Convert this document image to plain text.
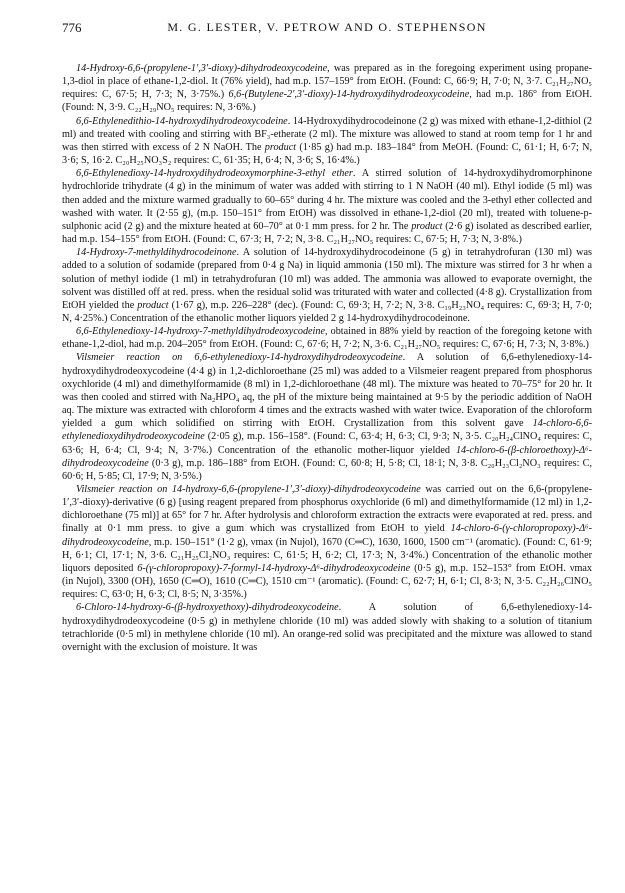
776	M. G. LESTER, V. PETROW AND O. STEPHENSON

14-Hydroxy-6,6-(propylene-1′,3′-dioxy)-dihydrodeoxycodeine, was prepared as in the foregoing experiment using propane-1,3-diol in place of ethane-1,2-diol. It (76% yield), had m.p. 157–159° from EtOH. (Found: C, 66·9; H, 7·0; N, 3·7. C₂₁H₂₇NO₅ requires: C, 67·5; H, 7·3; N, 3·75%.) 6,6-(Butylene-2′,3′-dioxy)-14-hydroxydihydrodeoxycodeine, had m.p. 186° from EtOH. (Found: N, 3·9. C₂₂H₂₉NO₅ requires: N, 3·6%.)

6,6-Ethylenedithio-14-hydroxydihydrodeoxycodeine. 14-Hydroxydihydrocodeinone (2 g) was mixed with ethane-1,2-dithiol (2 ml) and treated with cooling and stirring with BF₃-etherate (2 ml). The mixture was allowed to stand at room temp for 1 hr and was then stirred with excess of 2 N NaOH. The product (1·85 g) had m.p. 183–184° from MeOH. (Found: C, 61·1; H, 6·7; N, 3·6; S, 16·2. C₂₀H₂₅NO₃S₂ requires: C, 61·35; H, 6·4; N, 3·6; S, 16·4%.)

6,6-Ethylenedioxy-14-hydroxydihydrodeoxymorphine-3-ethyl ether. A stirred solution of 14-hydroxydihydromorphinone hydrochloride trihydrate (4 g) in the minimum of water was added with stirring to 1 N NaOH (40 ml). Ethyl iodide (5 ml) was then added and the mixture warmed gradually to 60–65° during 4 hr. The mixture was cooled and the 3-ethyl ether collected and washed with water. It (2·55 g), (m.p. 150–151° from EtOH) was dissolved in ethane-1,2-diol (20 ml), treated with toluene-p-sulphonic acid (2 g) and the mixture heated at 60–70° at 0·1 mm press. for 2 hr. The product (2·6 g) isolated as described earlier, had m.p. 154–155° from EtOH. (Found: C, 67·3; H, 7·2; N, 3·8. C₂₁H₂₇NO₅ requires: C, 67·5; H, 7·3; N, 3·8%.)

14-Hydroxy-7-methyldihydrocodeinone. A solution of 14-hydroxydihydrocodeinone (5 g) in tetrahydrofuran (130 ml) was added to a solution of sodamide (prepared from 0·4 g Na) in liquid ammonia (150 ml). The mixture was stirred for 3 hr when a solution of methyl iodide (1 ml) in tetrahydrofuran (10 ml) was added. The ammonia was allowed to evaporate overnight, the solvent was distilled off at red. press. when the residual solid was triturated with water and collected (4·8 g). Crystallization from EtOH yielded the product (1·67 g), m.p. 226–228° (dec). (Found: C, 69·3; H, 7·2; N, 3·8. C₁₉H₂₃NO₄ requires: C, 69·3; H, 7·0; N, 4·25%.) Concentration of the ethanolic mother liquors yielded 2 g 14-hydroxydihydrocodeinone.

6,6-Ethylenedioxy-14-hydroxy-7-methyldihydrodeoxycodeine, obtained in 88% yield by reaction of the foregoing ketone with ethane-1,2-diol, had m.p. 204–205° from EtOH. (Found: C, 67·6; H, 7·2; N, 3·6. C₂₁H₂₇NO₅ requires: C, 67·6; H, 7·3; N, 3·8%.)

Vilsmeier reaction on 6,6-ethylenedioxy-14-hydroxydihydrodeoxycodeine. A solution of 6,6-ethylenedioxy-14-hydroxydihydrodeoxycodeine (4·4 g) in 1,2-dichloroethane (25 ml) was added to a Vilsmeier reagent prepared from phosphorus oxychloride (4 ml) and dimethylformamide (8 ml) in 1,2-dichloroethane (48 ml). The mixture was heated to 70–75° for 20 hr. It was then cooled and stirred with Na₂HPO₄ aq, the pH of the mixture being maintained at 9·5 by the periodic addition of NaOH aq. The mixture was extracted with chloroform 4 times and the extracts washed with water twice. Evaporation of the chloroform yielded a gum which solidified on stirring with EtOH. Crystallization from this solvent gave 14-chloro-6,6-ethylenedioxydihydrodeoxycodeine (2·05 g), m.p. 156–158°. (Found: C, 63·4; H, 6·3; Cl, 9·3; N, 3·5. C₂₀H₂₄ClNO₄ requires: C, 63·6; H, 6·4; Cl, 9·4; N, 3·7%.) Concentration of the ethanolic mother-liquor yielded 14-chloro-6-(β-chloroethoxy)-Δ⁶-dihydrodeoxycodeine (0·3 g), m.p. 186–188° from EtOH. (Found: C, 60·8; H, 5·8; Cl, 18·1; N, 3·8. C₂₀H₂₃Cl₂NO₃ requires: C, 60·6; H, 5·85; Cl, 17·9; N, 3·5%.)

Vilsmeier reaction on 14-hydroxy-6,6-(propylene-1′,3′-dioxy)-dihydrodeoxycodeine was carried out on the 6,6-(propylene-1′,3′-dioxy)-derivative (6 g) [using reagent prepared from phosphorus oxychloride (6 ml) and dimethylformamide (12 ml) in 1,2-dichloroethane (75 ml)] at 65° for 7 hr. After hydrolysis and chloroform extraction the extracts were evaporated at red. press. and finally at 0·1 mm press. to give a gum which was crystallized from EtOH to yield 14-chloro-6-(γ-chloropropoxy)-Δ⁶-dihydrodeoxycodeine, m.p. 150–151° (1·2 g), νmax (in Nujol), 1670 (C═C), 1630, 1600, 1500 cm⁻¹ (aromatic). (Found: C, 61·9; H, 6·1; Cl, 17·1; N, 3·6. C₂₁H₂₅Cl₂NO₃ requires: C, 61·5; H, 6·2; Cl, 17·3; N, 3·4%.) Concentration of the ethanolic mother liquors deposited 6-(γ-chloropropoxy)-7-formyl-14-hydroxy-Δ⁶-dihydrodeoxycodeine (0·5 g), m.p. 152–153° from EtOH. νmax (in Nujol), 3300 (OH), 1650 (C═O), 1610 (C═C), 1510 cm⁻¹ (aromatic). (Found: C, 62·7; H, 6·1; Cl, 8·3; N, 3·5. C₂₂H₂₆ClNO₅ requires: C, 63·0; H, 6·3; Cl, 8·5; N, 3·35%.)

6-Chloro-14-hydroxy-6-(β-hydroxyethoxy)-dihydrodeoxycodeine. A solution of 6,6-ethylenedioxy-14-hydroxydihydrodeoxycodeine (0·5 g) in methylene chloride (10 ml) was added slowly with shaking to a solution of titanium tetrachloride (0·5 ml) in methylene chloride (10 ml). An orange-red solid was precipitated and the mixture was allowed to stand overnight with the exclusion of moisture. It was
